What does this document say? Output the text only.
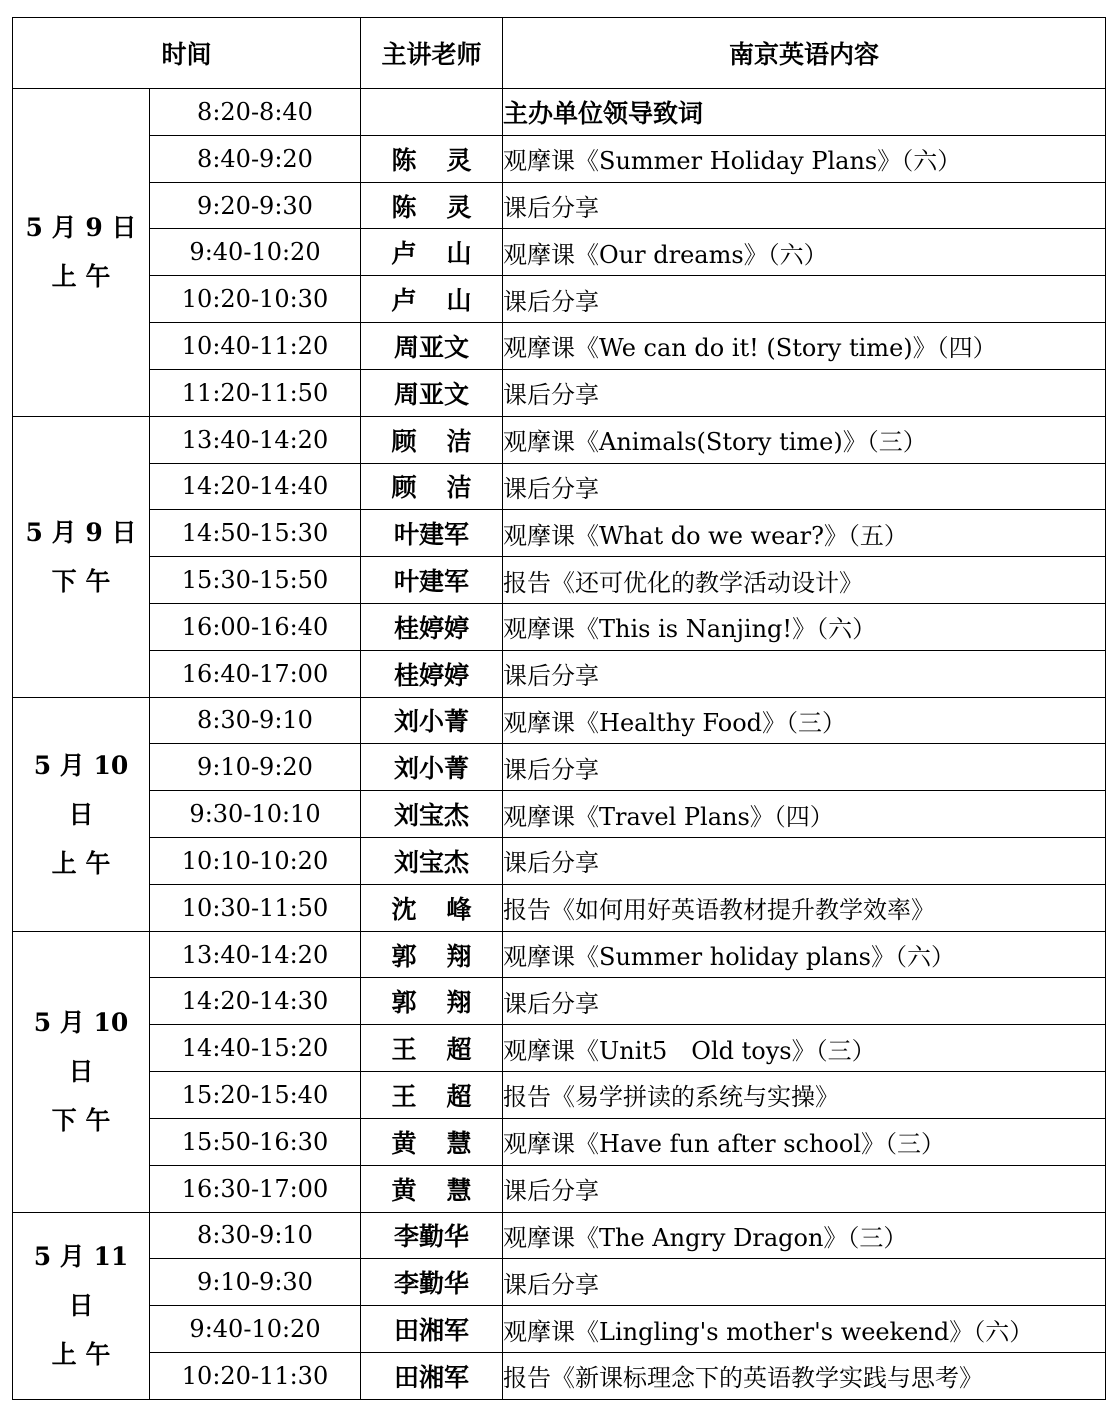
时间		主讲老师	南京英语内容

5 月 9 日
上 午	8:20-8:40		主办单位领导致词
	8:40-9:20	陈灵	观摩课《Summer Holiday Plans》（六）
	9:20-9:30	陈灵	课后分享
	9:40-10:20	卢山	观摩课《Our dreams》（六）
	10:20-10:30	卢山	课后分享
	10:40-11:20	周亚文	观摩课《We can do it! (Story time)》（四）
	11:20-11:50	周亚文	课后分享

5 月 9 日
下 午	13:40-14:20	顾洁	观摩课《Animals(Story time)》（三）
	14:20-14:40	顾洁	课后分享
	14:50-15:30	叶建军	观摩课《What do we wear?》（五）
	15:30-15:50	叶建军	报告《还可优化的教学活动设计》
	16:00-16:40	桂婷婷	观摩课《This is Nanjing!》（六）
	16:40-17:00	桂婷婷	课后分享

5 月 10
日
上 午	8:30-9:10	刘小菁	观摩课《Healthy Food》（三）
	9:10-9:20	刘小菁	课后分享
	9:30-10:10	刘宝杰	观摩课《Travel Plans》（四）
	10:10-10:20	刘宝杰	课后分享
	10:30-11:50	沈峰	报告《如何用好英语教材提升教学效率》

5 月 10
日
下 午	13:40-14:20	郭翔	观摩课《Summer holiday plans》（六）
	14:20-14:30	郭翔	课后分享
	14:40-15:20	王超	观摩课《Unit5　Old toys》（三）
	15:20-15:40	王超	报告《易学拼读的系统与实操》
	15:50-16:30	黄慧	观摩课《Have fun after school》（三）
	16:30-17:00	黄慧	课后分享

5 月 11
日
上 午	8:30-9:10	李勤华	观摩课《The Angry Dragon》（三）
	9:10-9:30	李勤华	课后分享
	9:40-10:20	田湘军	观摩课《Lingling's mother's weekend》（六）
	10:20-11:30	田湘军	报告《新课标理念下的英语教学实践与思考》
